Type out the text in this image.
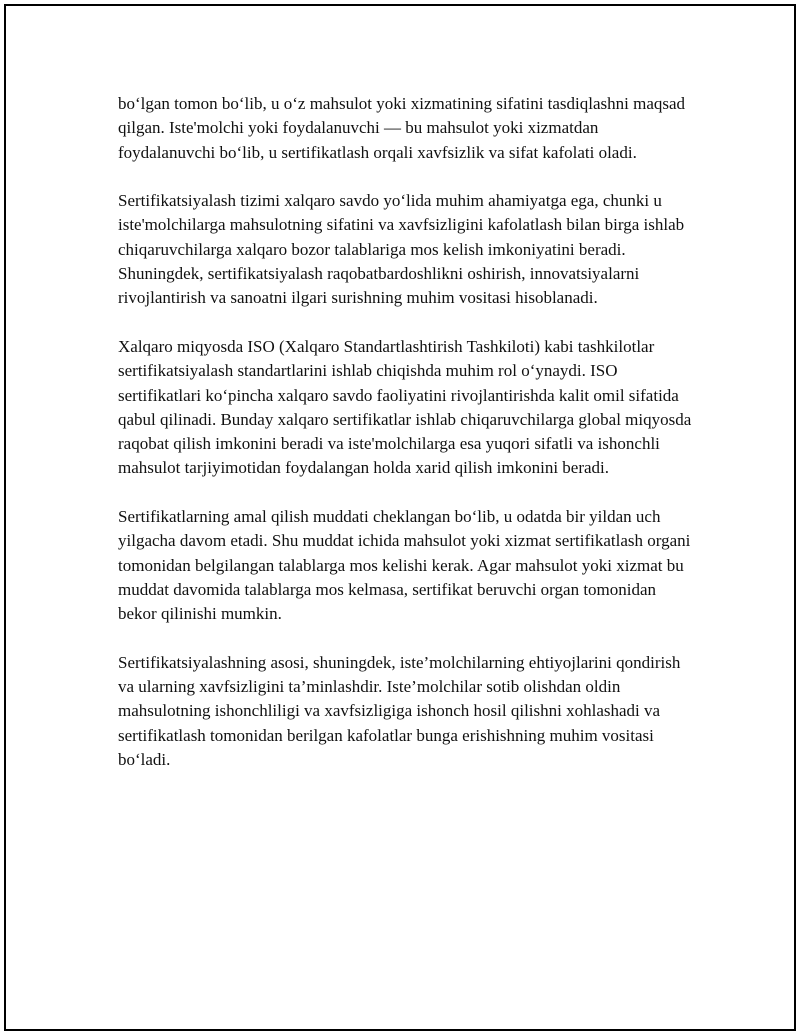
bo‘lgan tomon bo‘lib, u o‘z mahsulot yoki xizmatining sifatini tasdiqlashni maqsad qilgan. Iste'molchi yoki foydalanuvchi — bu mahsulot yoki xizmatdan foydalanuvchi bo‘lib, u sertifikatlash orqali xavfsizlik va sifat kafolati oladi.

Sertifikatsiyalash tizimi xalqaro savdo yo‘lida muhim ahamiyatga ega, chunki u iste'molchilarga mahsulotning sifatini va xavfsizligini kafolatlash bilan birga ishlab chiqaruvchilarga xalqaro bozor talablariga mos kelish imkoniyatini beradi. Shuningdek, sertifikatsiyalash raqobatbardoshlikni oshirish, innovatsiyalarni rivojlantirish va sanoatni ilgari surishning muhim vositasi hisoblanadi.

Xalqaro miqyosda ISO (Xalqaro Standartlashtirish Tashkiloti) kabi tashkilotlar sertifikatsiyalash standartlarini ishlab chiqishda muhim rol o‘ynaydi. ISO sertifikatlari ko‘pincha xalqaro savdo faoliyatini rivojlantirishda kalit omil sifatida qabul qilinadi. Bunday xalqaro sertifikatlar ishlab chiqaruvchilarga global miqyosda raqobat qilish imkonini beradi va iste'molchilarga esa yuqori sifatli va ishonchli mahsulot tarjiyimotidan foydalangan holda xarid qilish imkonini beradi.

Sertifikatlarning amal qilish muddati cheklangan bo‘lib, u odatda bir yildan uch yilgacha davom etadi. Shu muddat ichida mahsulot yoki xizmat sertifikatlash organi tomonidan belgilangan talablarga mos kelishi kerak. Agar mahsulot yoki xizmat bu muddat davomida talablarga mos kelmasa, sertifikat beruvchi organ tomonidan bekor qilinishi mumkin.

Sertifikatsiyalashning asosi, shuningdek, iste’molchilarning ehtiyojlarini qondirish va ularning xavfsizligini ta’minlashdir. Iste’molchilar sotib olishdan oldin mahsulotning ishonchliligi va xavfsizligiga ishonch hosil qilishni xohlashadi va sertifikatlash tomonidan berilgan kafolatlar bunga erishishning muhim vositasi bo‘ladi.
